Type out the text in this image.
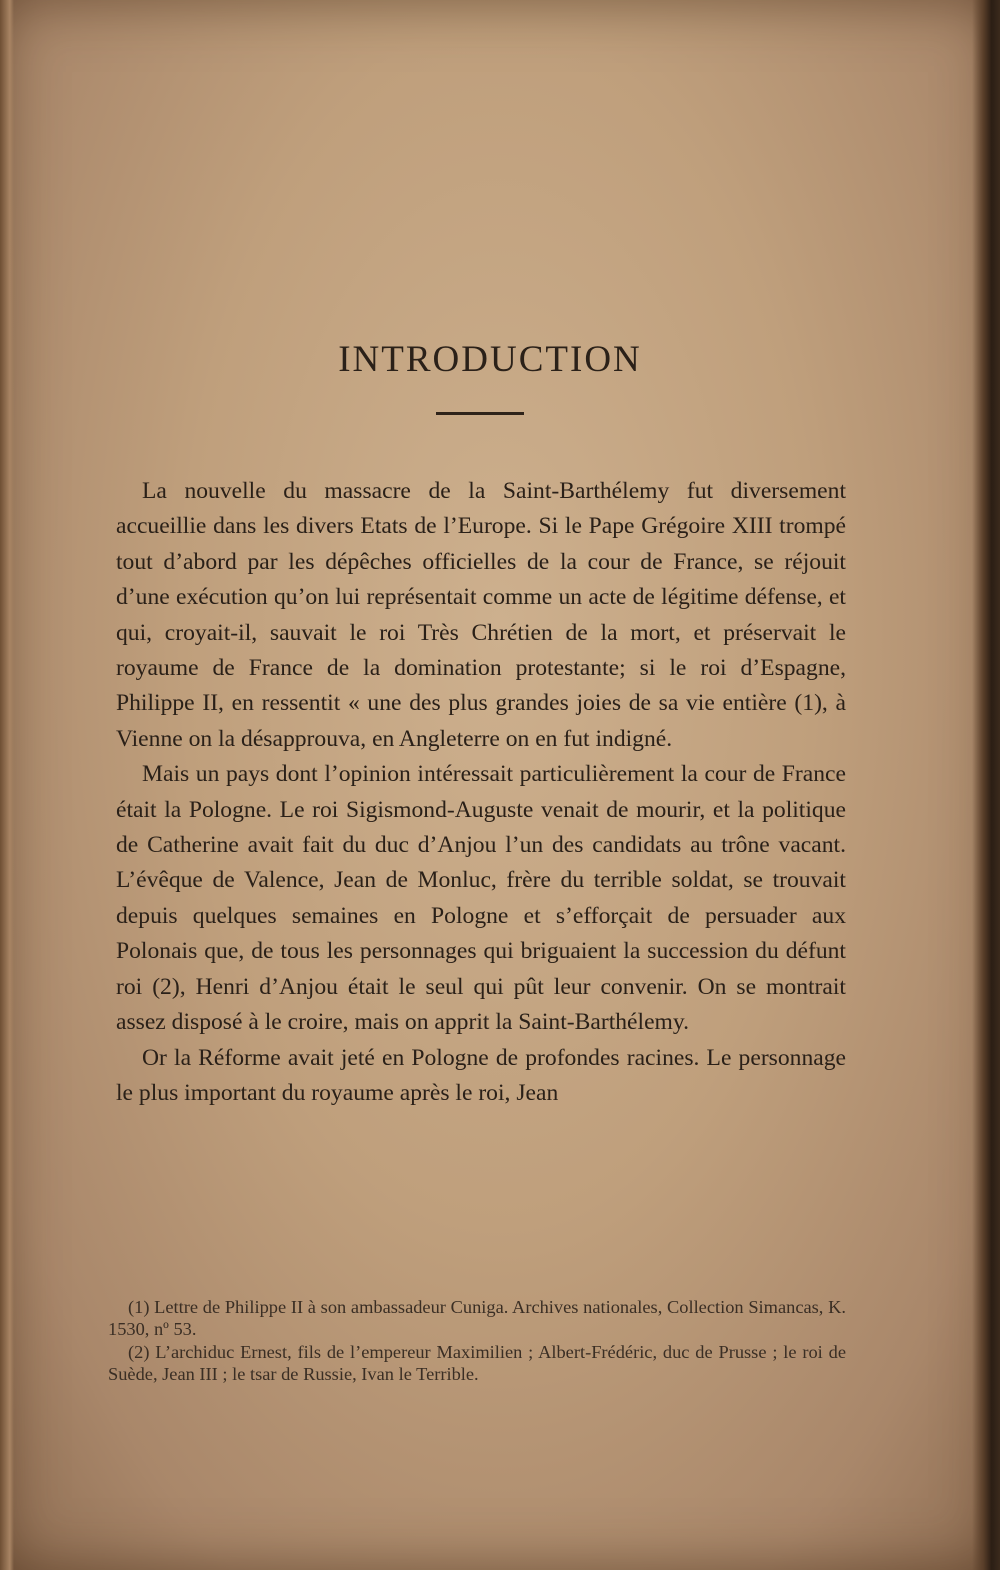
INTRODUCTION

La nouvelle du massacre de la Saint-Barthélemy fut diversement accueillie dans les divers Etats de l’Europe. Si le Pape Grégoire XIII trompé tout d’abord par les dépêches officielles de la cour de France, se réjouit d’une exécution qu’on lui représentait comme un acte de légitime défense, et qui, croyait-il, sauvait le roi Très Chrétien de la mort, et préservait le royaume de France de la domination protestante; si le roi d’Espagne, Philippe II, en ressentit « une des plus grandes joies de sa vie entière (1), à Vienne on la désapprouva, en Angleterre on en fut indigné.

Mais un pays dont l’opinion intéressait particulièrement la cour de France était la Pologne. Le roi Sigismond-Auguste venait de mourir, et la politique de Catherine avait fait du duc d’Anjou l’un des candidats au trône vacant. L’évêque de Valence, Jean de Monluc, frère du terrible soldat, se trouvait depuis quelques semaines en Pologne et s’efforçait de persuader aux Polonais que, de tous les personnages qui briguaient la succession du défunt roi (2), Henri d’Anjou était le seul qui pût leur convenir. On se montrait assez disposé à le croire, mais on apprit la Saint-Barthélemy.

Or la Réforme avait jeté en Pologne de profondes racines. Le personnage le plus important du royaume après le roi, Jean

(1) Lettre de Philippe II à son ambassadeur Cuniga. Archives nationales, Collection Simancas, K. 1530, nº 53.

(2) L’archiduc Ernest, fils de l’empereur Maximilien ; Albert-Frédéric, duc de Prusse ; le roi de Suède, Jean III ; le tsar de Russie, Ivan le Terrible.
